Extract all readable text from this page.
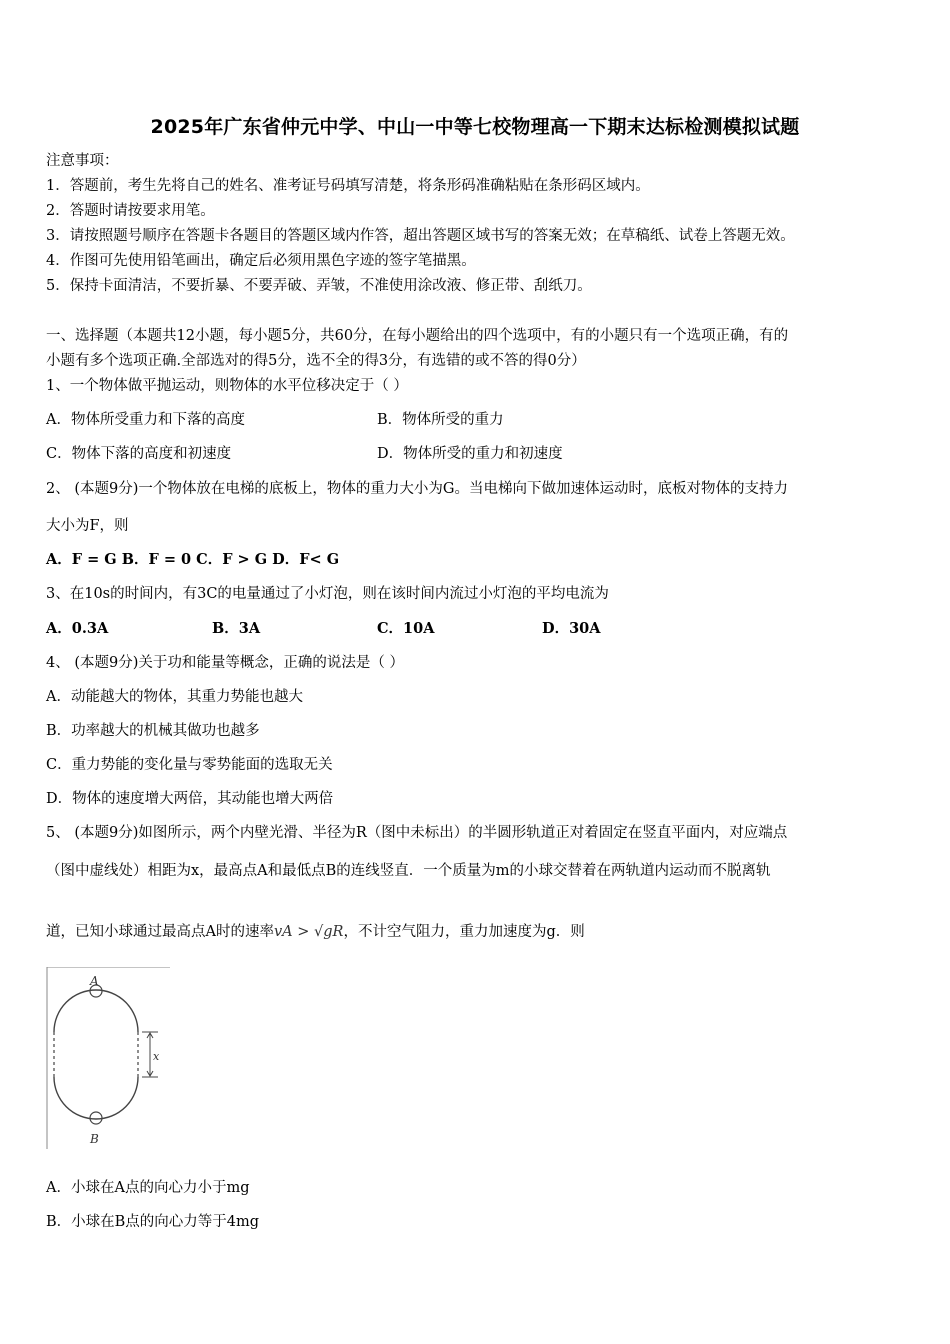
2025年广东省仲元中学、中山一中等七校物理高一下期末达标检测模拟试题
注意事项：
1．答题前，考生先将自己的姓名、准考证号码填写清楚，将条形码准确粘贴在条形码区域内。
2．答题时请按要求用笔。
3．请按照题号顺序在答题卡各题目的答题区域内作答，超出答题区域书写的答案无效；在草稿纸、试卷上答题无效。
4．作图可先使用铅笔画出，确定后必须用黑色字迹的签字笔描黑。
5．保持卡面清洁，不要折暴、不要弄破、弄皱，不准使用涂改液、修正带、刮纸刀。
一、选择题（本题共12小题，每小题5分，共60分，在每小题给出的四个选项中，有的小题只有一个选项正确，有的
小题有多个选项正确.全部选对的得5分，选不全的得3分，有选错的或不答的得0分）
1、一个物体做平抛运动，则物体的水平位移决定于（ ）
A．物体所受重力和下落的高度	B．物体所受的重力
C．物体下落的高度和初速度	D．物体所受的重力和初速度
2、 (本题9分)一个物体放在电梯的底板上，物体的重力大小为G。当电梯向下做加速体运动时，底板对物体的支持力
大小为F，则
A．F = G B．F = 0 C．F > G D．F< G
3、在10s的时间内，有3C的电量通过了小灯泡，则在该时间内流过小灯泡的平均电流为
A．0.3A	B．3A	C．10A	D．30A
4、 (本题9分)关于功和能量等概念，正确的说法是（ ）
A．动能越大的物体，其重力势能也越大
B．功率越大的机械其做功也越多
C．重力势能的变化量与零势能面的选取无关
D．物体的速度增大两倍，其动能也增大两倍
5、 (本题9分)如图所示，两个内壁光滑、半径为R（图中未标出）的半圆形轨道正对着固定在竖直平面内，对应端点
（图中虚线处）相距为x，最高点A和最低点B的连线竖直．一个质量为m的小球交替着在两轨道内运动而不脱离轨
道，已知小球通过最高点A时的速率vA > √gR，不计空气阻力，重力加速度为g．则
A
B
x
A．小球在A点的向心力小于mg
B．小球在B点的向心力等于4mg
